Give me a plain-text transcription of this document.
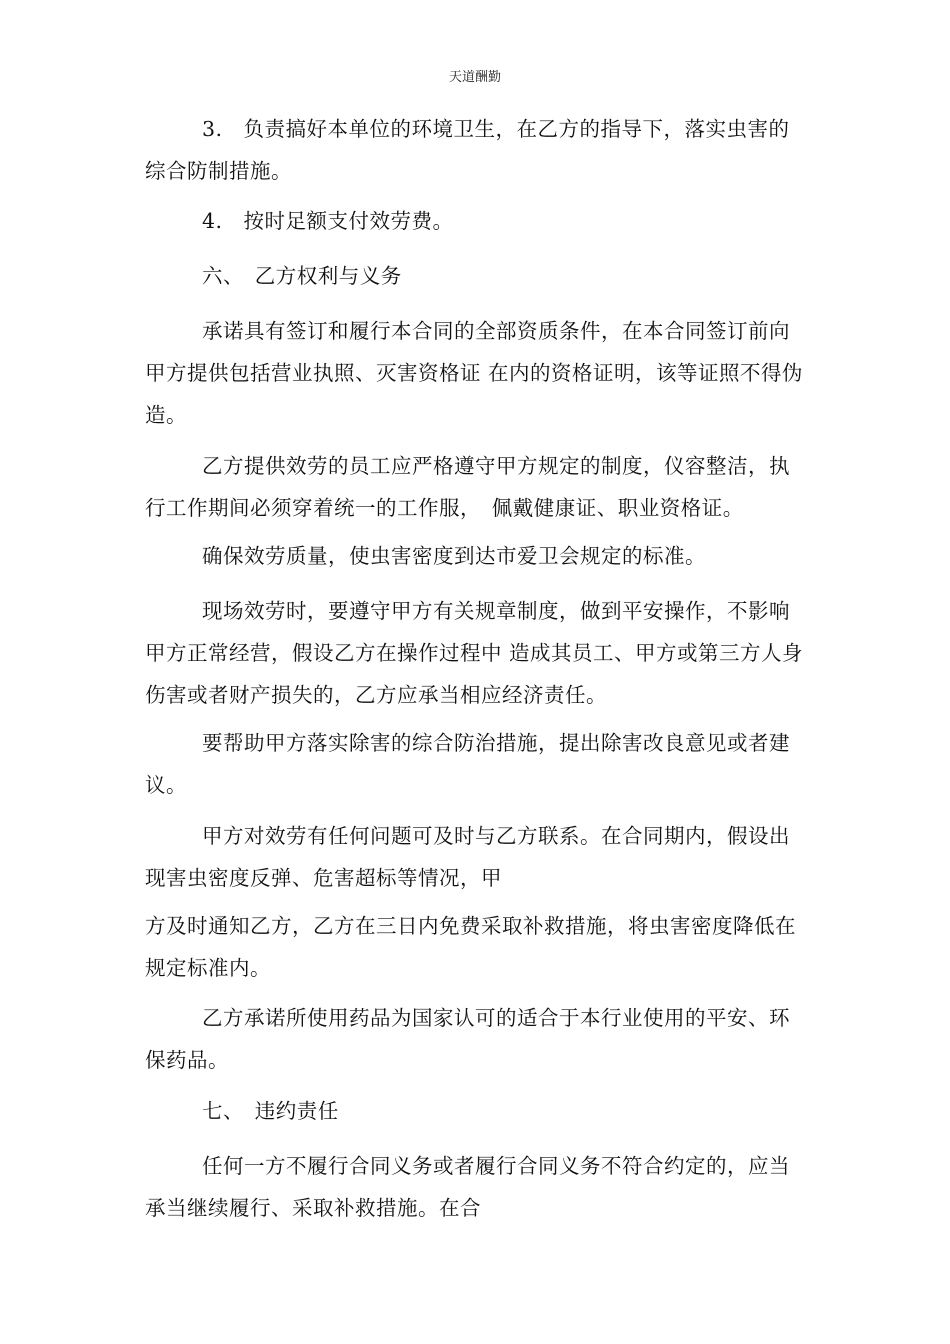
天道酬勤

3.　负责搞好本单位的环境卫生，在乙方的指导下，落实虫害的综合防制措施。

4.　按时足额支付效劳费。

六、　乙方权利与义务

承诺具有签订和履行本合同的全部资质条件，在本合同签订前向甲方提供包括营业执照、灭害资格证 在内的资格证明，该等证照不得伪造。

乙方提供效劳的员工应严格遵守甲方规定的制度，仪容整洁，执行工作期间必须穿着统一的工作服，　佩戴健康证、职业资格证。

确保效劳质量，使虫害密度到达市爱卫会规定的标准。

现场效劳时，要遵守甲方有关规章制度，做到平安操作，不影响甲方正常经营，假设乙方在操作过程中 造成其员工、甲方或第三方人身伤害或者财产损失的，乙方应承当相应经济责任。

要帮助甲方落实除害的综合防治措施，提出除害改良意见或者建议。

甲方对效劳有任何问题可及时与乙方联系。在合同期内，假设出现害虫密度反弹、危害超标等情况，甲

方及时通知乙方，乙方在三日内免费采取补救措施，将虫害密度降低在规定标准内。

乙方承诺所使用药品为国家认可的适合于本行业使用的平安、环保药品。

七、　违约责任

任何一方不履行合同义务或者履行合同义务不符合约定的，应当承当继续履行、采取补救措施。在合
